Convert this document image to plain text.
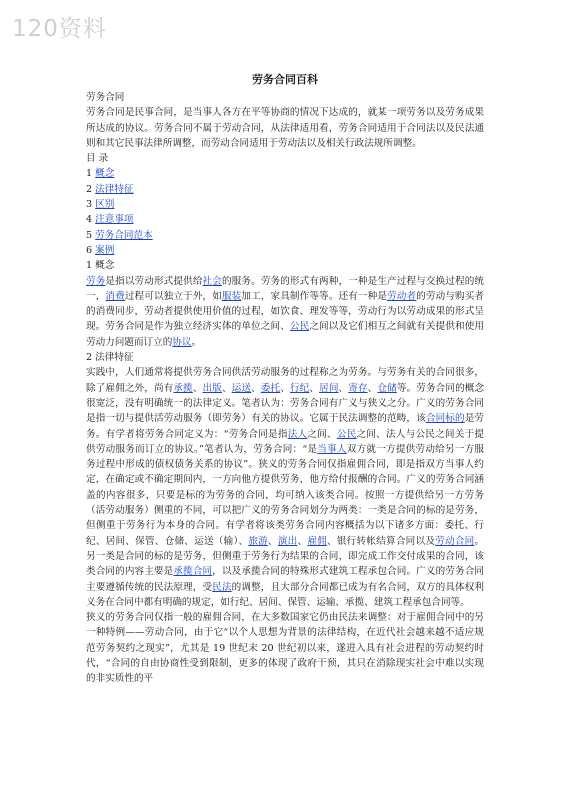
120资料
劳务合同百科

劳务合同

劳务合同是民事合同，是当事人各方在平等协商的情况下达成的，就某一项劳务以及劳务成果所达成的协议。劳务合同不属于劳动合同，从法律适用看，劳务合同适用于合同法以及民法通则和其它民事法律所调整，而劳动合同适用于劳动法以及相关行政法规所调整。

目 录

1 概念

2 法律特征

3 区别

4 注意事项

5 劳务合同范本

6 案例

1 概念

劳务是指以劳动形式提供给社会的服务。劳务的形式有两种，一种是生产过程与交换过程的统一，消费过程可以独立于外，如服装加工，家具制作等等。还有一种是劳动者的劳动与购买者的消费同步，劳动者提供使用价值的过程，如饮食、理发等等，劳动行为以劳动成果的形式呈现。劳务合同是作为独立经济实体的单位之间、公民之间以及它们相互之间就有关提供和使用劳动力问题而订立的协议。

2 法律特征

实践中，人们通常将提供劳务合同供活劳动服务的过程称之为劳务。与劳务有关的合同很多，除了雇佣之外，尚有承揽、出版、运送、委托、行纪、居间、寄存、仓储等。劳务合同的概念很宽泛，没有明确统一的法律定义。笔者认为：劳务合同有广义与狭义之分。广义的劳务合同是指一切与提供活劳动服务（即劳务）有关的协议。它属于民法调整的范畴，该合同标的是劳务。有学者将劳务合同定义为：“劳务合同是指法人之间、公民之间、法人与公民之间关于提供劳动服务而订立的协议。”笔者认为，劳务合同：“是当事人双方就一方提供劳动给另一方服务过程中形成的债权债务关系的协议”。狭义的劳务合同仅指雇佣合同，即是指双方当事人约定，在确定或不确定期间内，一方向他方提供劳务，他方给付报酬的合同。广义的劳务合同涵盖的内容很多，只要是标的为劳务的合同，均可纳入该类合同。按照一方提供给另一方劳务（活劳动服务）侧重的不同，可以把广义的劳务合同划分为两类：一类是合同的标的是劳务，但侧重于劳务行为本身的合同。有学者将该类劳务合同内容概括为以下诸多方面：委托、行纪、居间、保管、仓储、运送（输）、旅游、演出、雇佣、银行转帐结算合同以及劳动合同。另一类是合同的标的是劳务，但侧重于劳务行为结果的合同，即完成工作交付成果的合同，该类合同的内容主要是承揽合同，以及承揽合同的特殊形式建筑工程承包合同。广义的劳务合同主要遵循传统的民法原理，受民法的调整，且大部分合同都已成为有名合同，双方的具体权利义务在合同中都有明确的规定，如行纪、居间、保管、运输、承揽、建筑工程承包合同等。

狭义的劳务合同仅指一般的雇佣合同，在大多数国家它仍由民法来调整：对于雇佣合同中的另一种特例——劳动合同，由于它“以个人思想为背景的法律结构，在近代社会越来越不适应规范劳务契约之现实”，尤其是 19 世纪末 20 世纪初以来，遂进入具有社会进程的劳动契约时代，“合同的自由协商性受到限制，更多的体现了政府干预，其只在消除现实社会中难以实现的非实质性的平
